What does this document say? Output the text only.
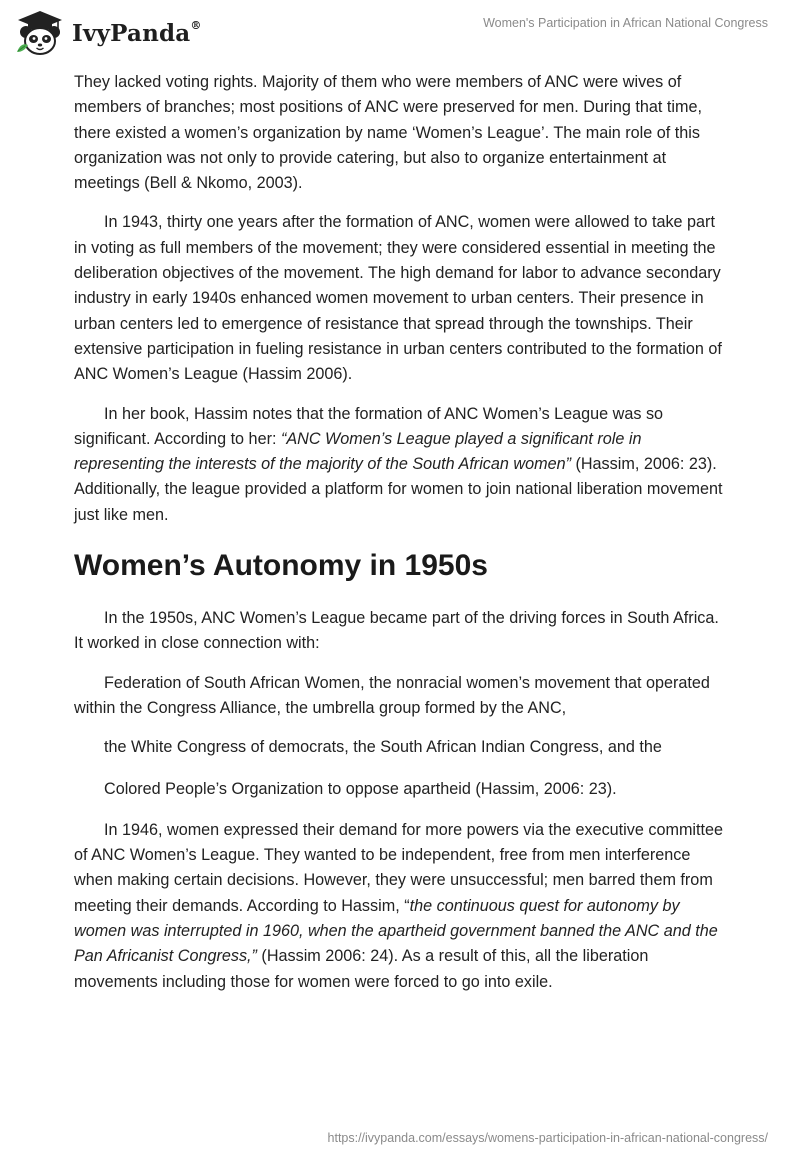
IvyPanda®	Women's Participation in African National Congress

They lacked voting rights. Majority of them who were members of ANC were wives of members of branches; most positions of ANC were preserved for men. During that time, there existed a women’s organization by name ‘Women’s League’. The main role of this organization was not only to provide catering, but also to organize entertainment at meetings (Bell & Nkomo, 2003).

In 1943, thirty one years after the formation of ANC, women were allowed to take part in voting as full members of the movement; they were considered essential in meeting the deliberation objectives of the movement. The high demand for labor to advance secondary industry in early 1940s enhanced women movement to urban centers. Their presence in urban centers led to emergence of resistance that spread through the townships. Their extensive participation in fueling resistance in urban centers contributed to the formation of ANC Women’s League (Hassim 2006).

In her book, Hassim notes that the formation of ANC Women’s League was so significant. According to her: “ANC Women’s League played a significant role in representing the interests of the majority of the South African women” (Hassim, 2006: 23). Additionally, the league provided a platform for women to join national liberation movement just like men.

Women’s Autonomy in 1950s

In the 1950s, ANC Women’s League became part of the driving forces in South Africa. It worked in close connection with:

Federation of South African Women, the nonracial women’s movement that operated within the Congress Alliance, the umbrella group formed by the ANC,

the White Congress of democrats, the South African Indian Congress, and the

Colored People’s Organization to oppose apartheid (Hassim, 2006: 23).

In 1946, women expressed their demand for more powers via the executive committee of ANC Women’s League. They wanted to be independent, free from men interference when making certain decisions. However, they were unsuccessful; men barred them from meeting their demands. According to Hassim, “the continuous quest for autonomy by women was interrupted in 1960, when the apartheid government banned the ANC and the Pan Africanist Congress,” (Hassim 2006: 24). As a result of this, all the liberation movements including those for women were forced to go into exile.

https://ivypanda.com/essays/womens-participation-in-african-national-congress/
